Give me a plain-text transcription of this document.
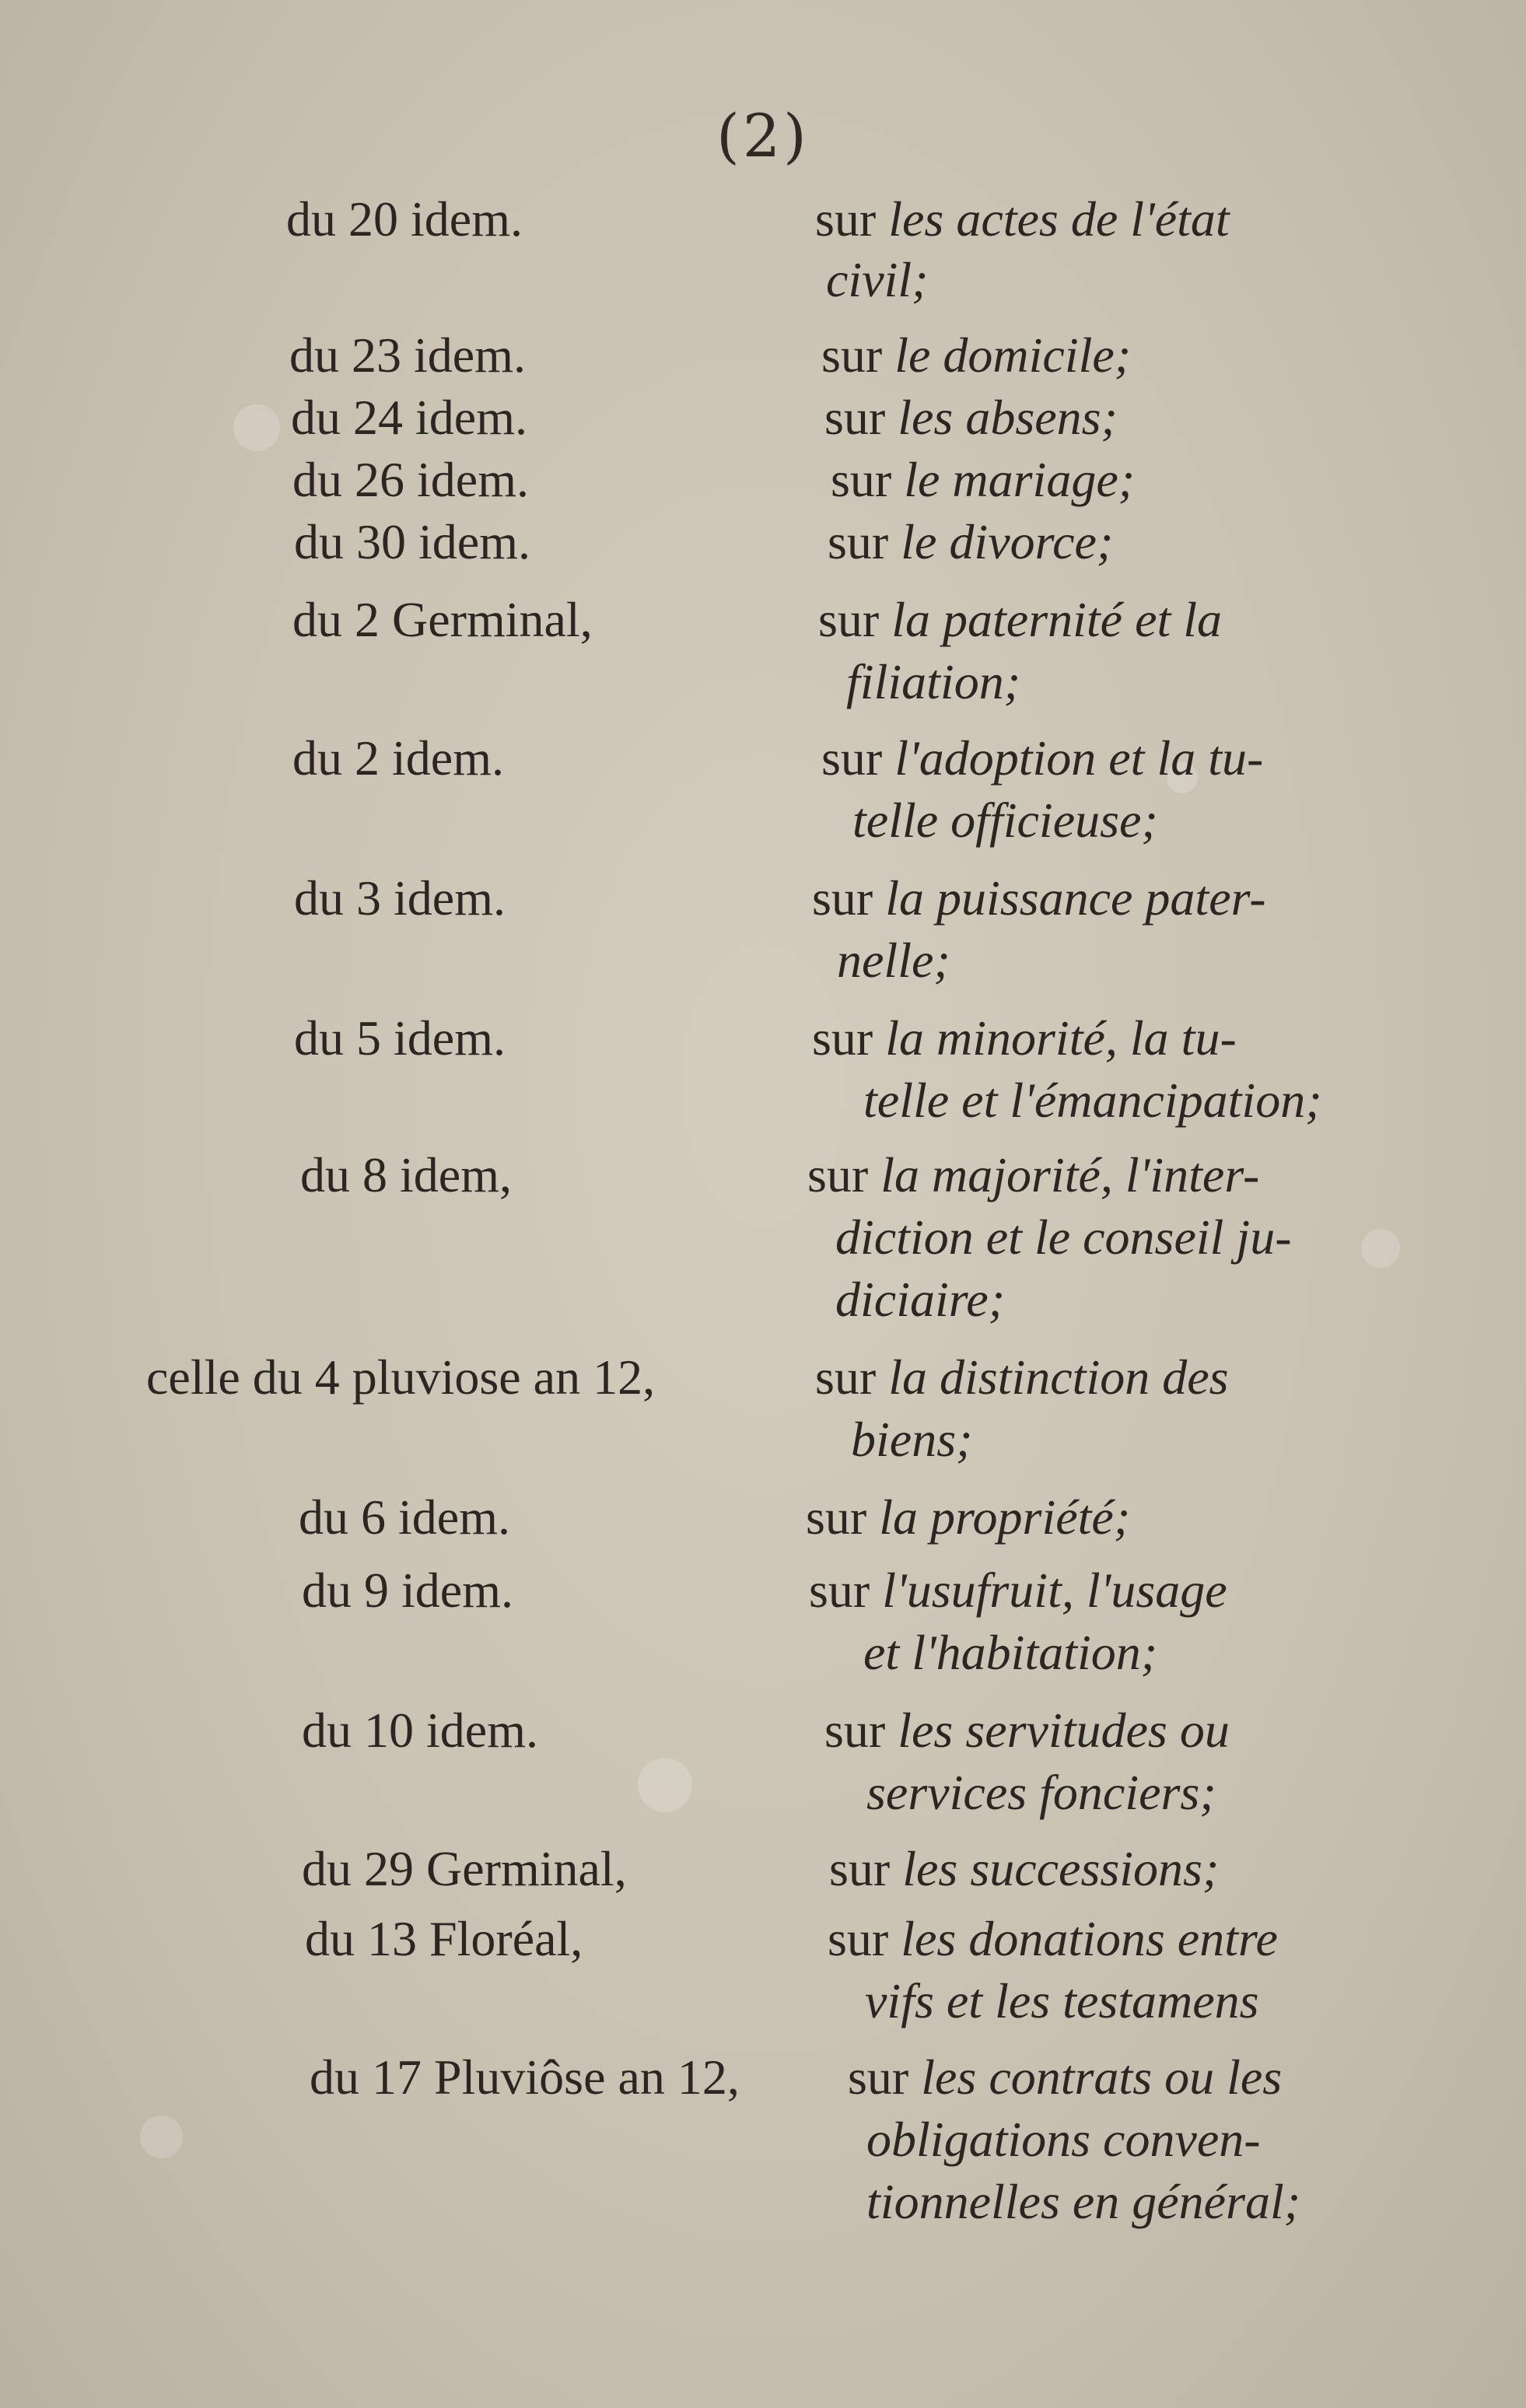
(2)
du 20 idem.	sur les actes de l'état
civil;
du 23 idem.	sur le domicile;
du 24 idem.	sur les absens;
du 26 idem.	sur le mariage;
du 30 idem.	sur le divorce;
du 2 Germinal,	sur la paternité et la
filiation;
du 2 idem.	sur l'adoption et la tu-
telle officieuse;
du 3 idem.	sur la puissance pater-
nelle;
du 5 idem.	sur la minorité, la tu-
telle et l'émancipation;
du 8 idem,	sur la majorité, l'inter-
diction et le conseil ju-
diciaire;
celle du 4 pluviose an 12,	sur la distinction des
biens;
du 6 idem.	sur la propriété;
du 9 idem.	sur l'usufruit, l'usage
et l'habitation;
du 10 idem.	sur les servitudes ou
services fonciers;
du 29 Germinal,	sur les successions;
du 13 Floréal,	sur les donations entre
vifs et les testamens
du 17 Pluviôse an 12, sur les contrats ou les
obligations conven-
tionnelles en général;
